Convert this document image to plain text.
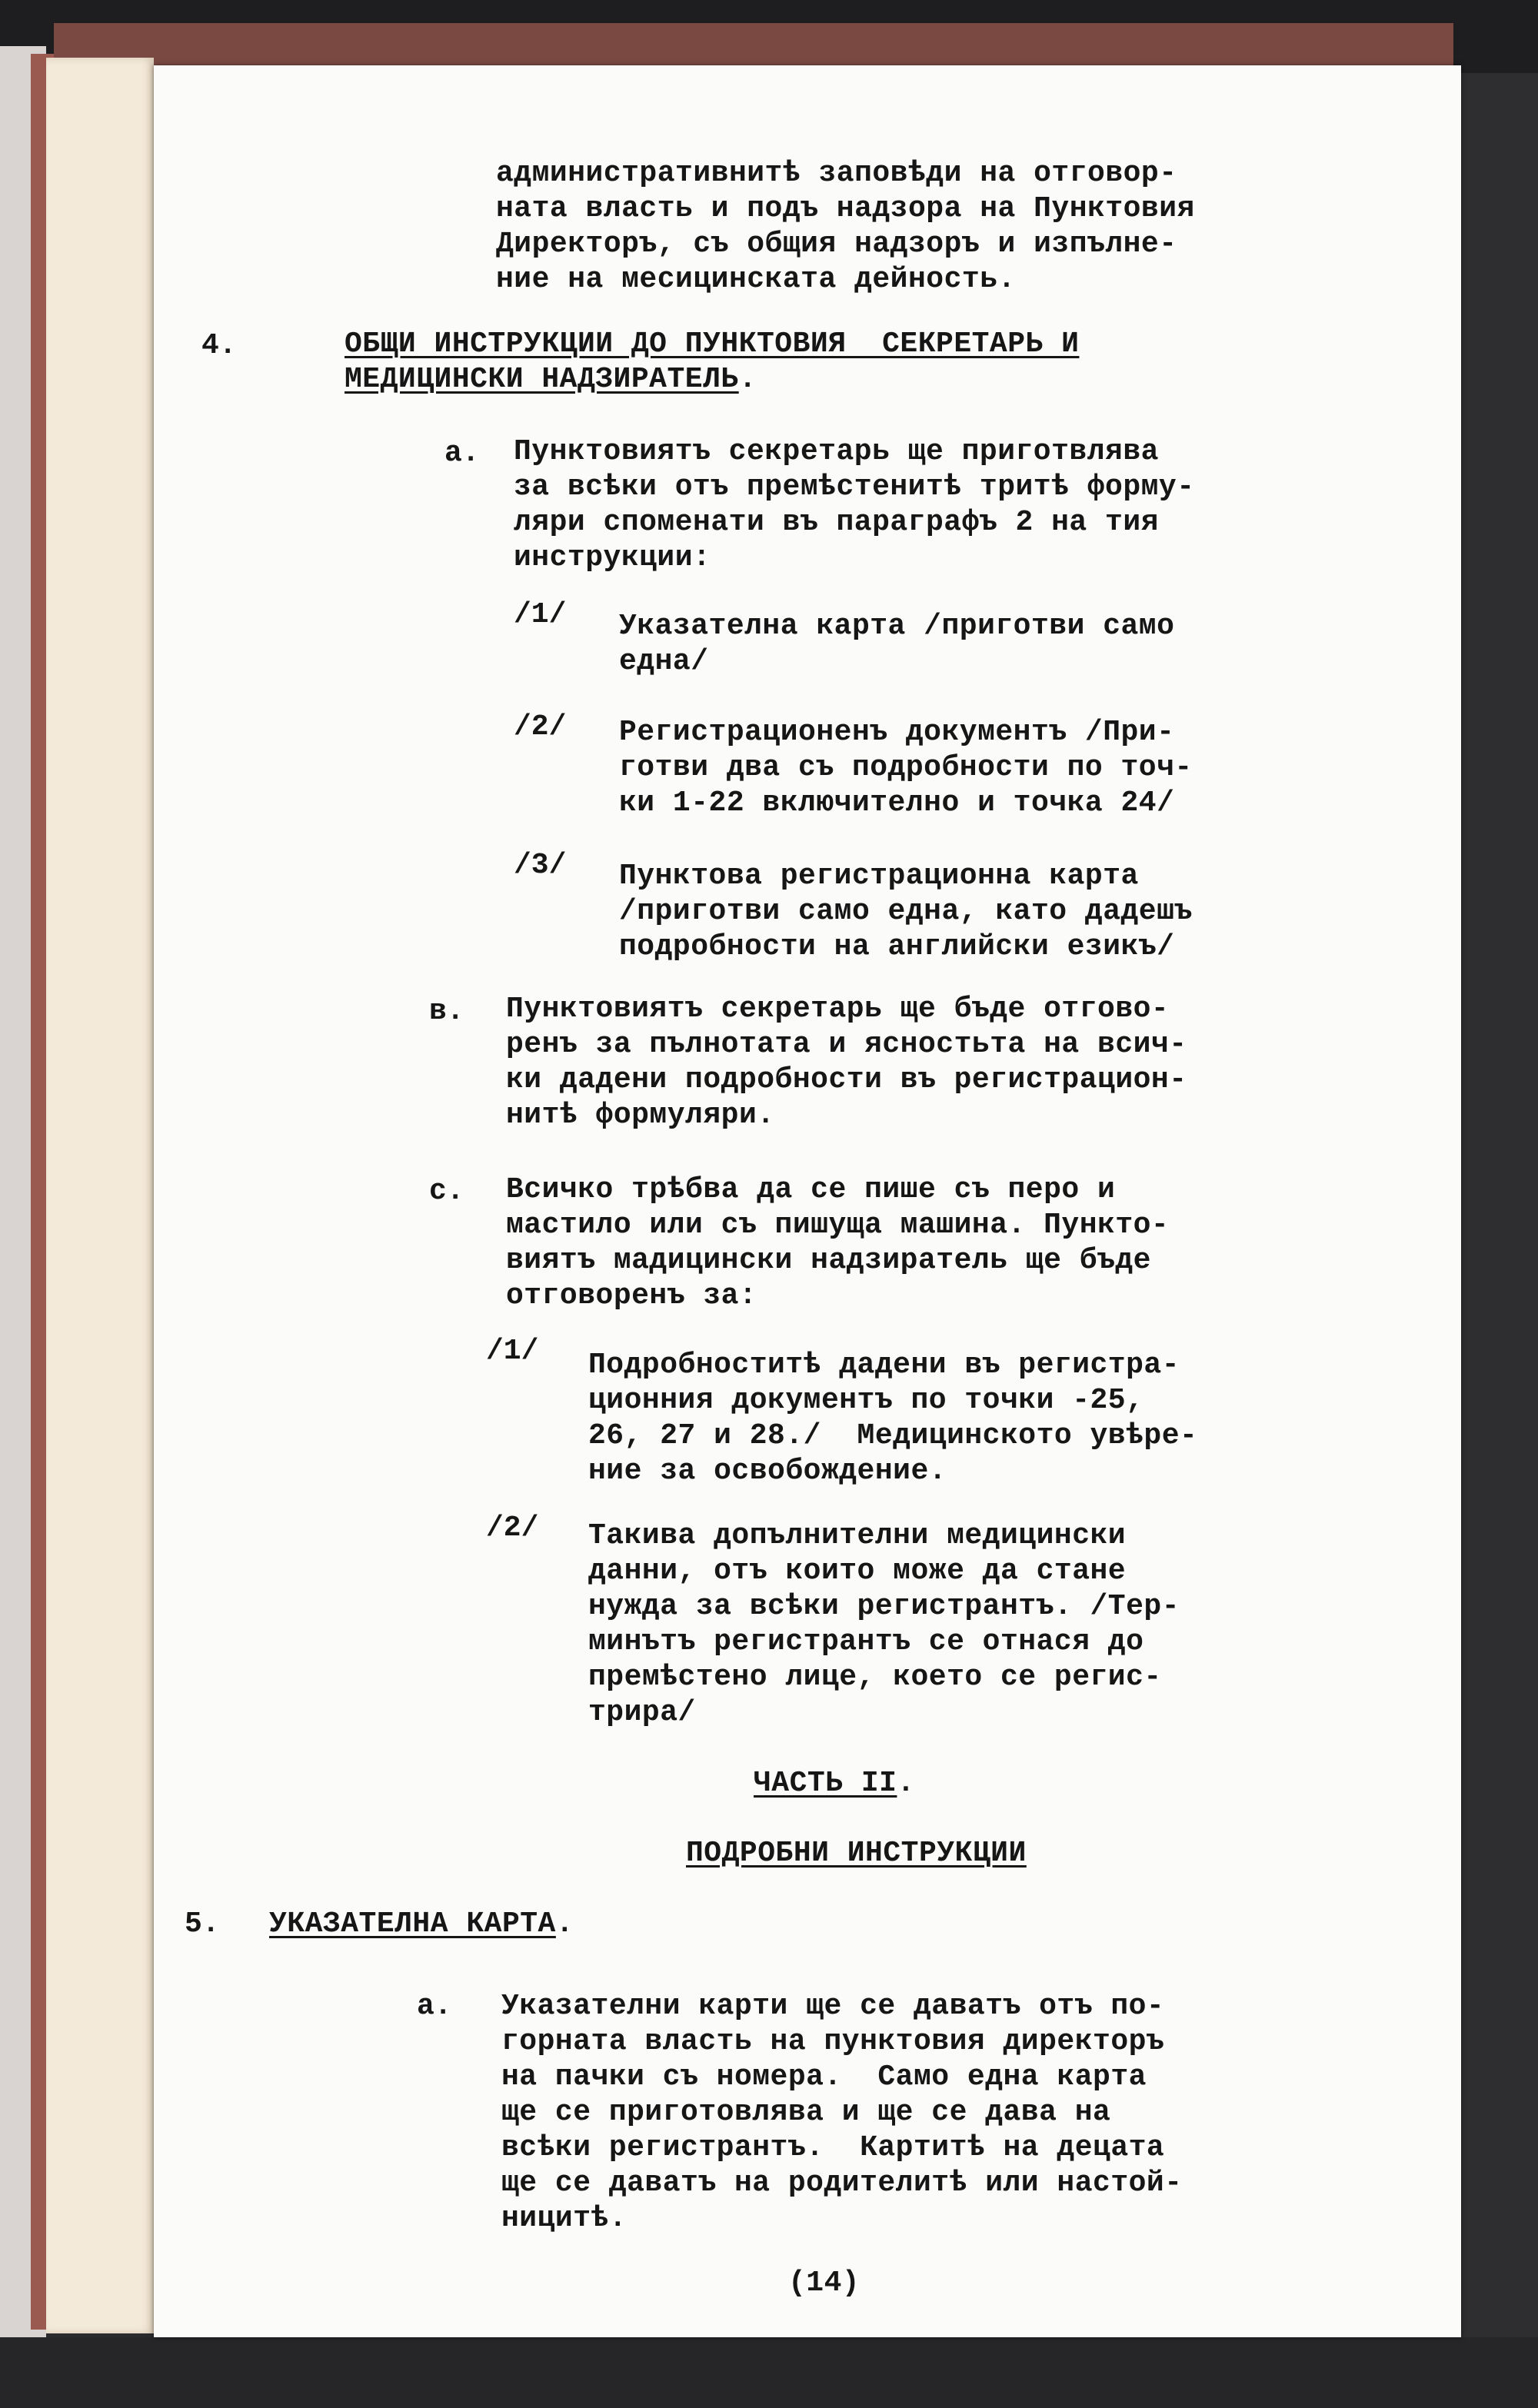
административнитѣ заповѣди на отговор-
ната власть и подъ надзора на Пунктовия
Директоръ, съ общия надзоръ и изпълне-
ние на месицинската дейность.

4.	ОБЩИ ИНСТРУКЦИИ ДО ПУНКТОВИЯ  СЕКРЕТАРЬ И
МЕДИЦИНСКИ НАДЗИРАТЕЛЬ.

а. Пунктовиятъ секретарь ще приготвлява
за всѣки отъ премѣстенитѣ тритѣ форму-
ляри споменати въ параграфъ 2 на тия
инструкции:

/1/ Указателна карта /приготви само
една/

/2/ Регистрационенъ документъ /При-
готви два съ подробности по точ-
ки 1-22 включително и точка 24/

/3/ Пунктова регистрационна карта
/приготви само една, като дадешъ
подробности на английски езикъ/

в. Пунктовиятъ секретарь ще бъде отгово-
ренъ за пълнотата и ясностьта на всич-
ки дадени подробности въ регистрацион-
нитѣ формуляри.

с. Всичко трѣбва да се пише съ перо и
мастило или съ пишуща машина. Пункто-
виятъ мадицински надзиратель ще бъде
отговоренъ за:

/1/ Подробноститѣ дадени въ регистра-
ционния документъ по точки -25,
26, 27 и 28./  Медицинското увѣре-
ние за освобождение.

/2/ Такива допълнителни медицински
данни, отъ които може да стане
нужда за всѣки регистрантъ. /Тер-
минътъ регистрантъ се отнася до
премѣстено лице, което се регис-
трира/

ЧАСТЬ II.

ПОДРОБНИ ИНСТРУКЦИИ

5. УКАЗАТЕЛНА КАРТА.

а. Указателни карти ще се даватъ отъ по-
горната власть на пунктовия директоръ
на пачки съ номера.  Само една карта
ще се приготовлява и ще се дава на
всѣки регистрантъ.  Картитѣ на децата
ще се даватъ на родителитѣ или настой-
ницитѣ.

(14)
